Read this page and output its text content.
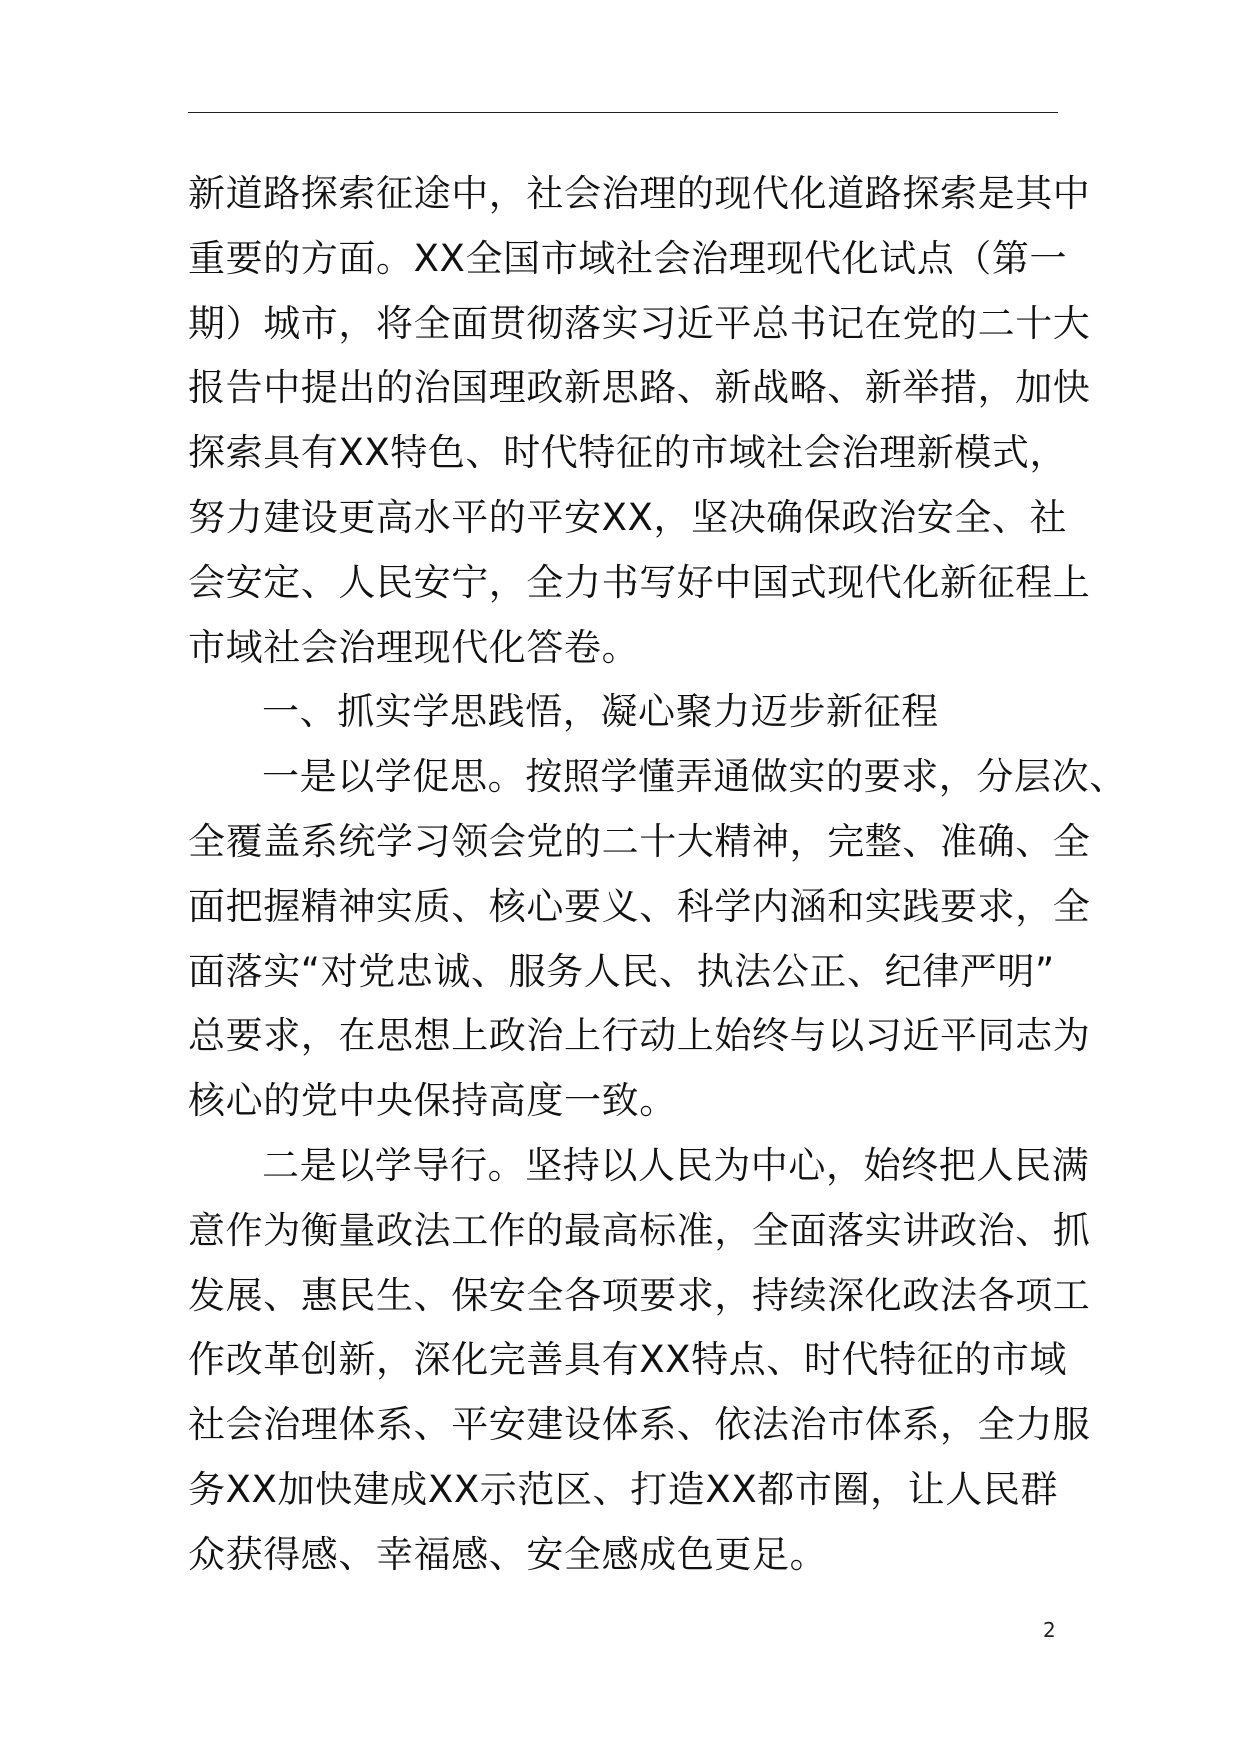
新道路探索征途中，社会治理的现代化道路探索是其中
重要的方面。XX全国市域社会治理现代化试点（第一
期）城市，将全面贯彻落实习近平总书记在党的二十大
报告中提出的治国理政新思路、新战略、新举措，加快
探索具有XX特色、时代特征的市域社会治理新模式，
努力建设更高水平的平安XX，坚决确保政治安全、社
会安定、人民安宁，全力书写好中国式现代化新征程上
市域社会治理现代化答卷。
一、抓实学思践悟，凝心聚力迈步新征程
一是以学促思。按照学懂弄通做实的要求，分层次、
全覆盖系统学习领会党的二十大精神，完整、准确、全
面把握精神实质、核心要义、科学内涵和实践要求，全
面落实“对党忠诚、服务人民、执法公正、纪律严明”
总要求，在思想上政治上行动上始终与以习近平同志为
核心的党中央保持高度一致。
二是以学导行。坚持以人民为中心，始终把人民满
意作为衡量政法工作的最高标准，全面落实讲政治、抓
发展、惠民生、保安全各项要求，持续深化政法各项工
作改革创新，深化完善具有XX特点、时代特征的市域
社会治理体系、平安建设体系、依法治市体系，全力服
务XX加快建成XX示范区、打造XX都市圈，让人民群
众获得感、幸福感、安全感成色更足。
2
